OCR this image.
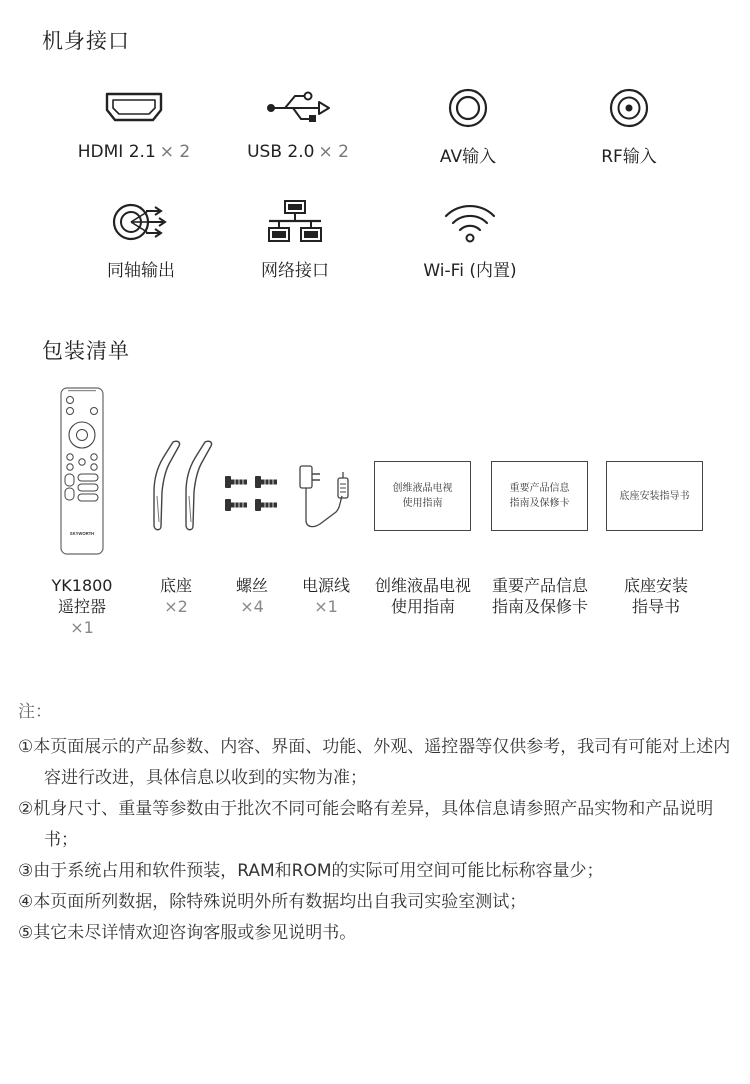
机身接口
HDMI 2.1 × 2	USB 2.0 × 2	AV输入	RF输入
同轴输出	网络接口	Wi-Fi (内置)
包装清单
SKYWORTH
创维液晶电视
使用指南
重要产品信息
指南及保修卡
底座安装指导书
YK1800
遥控器
×1
底座
×2
螺丝
×4
电源线
×1
创维液晶电视
使用指南
重要产品信息
指南及保修卡
底座安装
指导书
注：
①本页面展示的产品参数、内容、界面、功能、外观、遥控器等仅供参考，我司有可能对上述内容进行改进，具体信息以收到的实物为准；
②机身尺寸、重量等参数由于批次不同可能会略有差异，具体信息请参照产品实物和产品说明书；
③由于系统占用和软件预装，RAM和ROM的实际可用空间可能比标称容量少；
④本页面所列数据，除特殊说明外所有数据均出自我司实验室测试；
⑤其它未尽详情欢迎咨询客服或参见说明书。
